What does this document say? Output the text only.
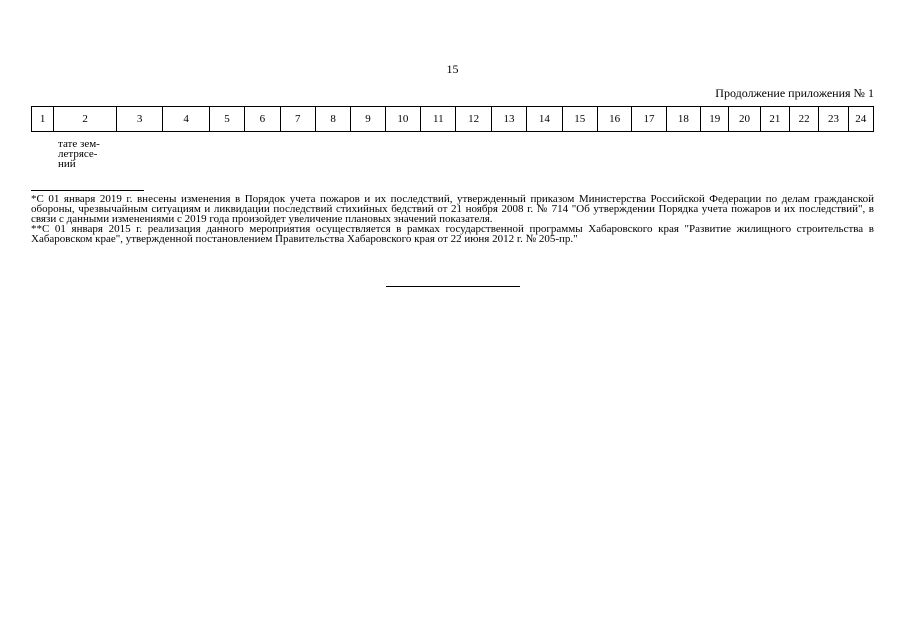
15
Продолжение приложения № 1
1	2	3	4	5	6	7	8	9	10	11	12	13	14	15	16	17	18	19	20	21	22	23	24
тате зем-
летрясе-
ний

*С 01 января 2019 г. внесены изменения в Порядок учета пожаров и их последствий, утвержденный приказом Министерства Российской Федерации по делам гражданской обороны, чрезвычайным ситуациям и ликвидации последствий стихийных бедствий от 21 ноября 2008 г. № 714 "Об утверждении Порядка учета пожаров и их последствий", в связи с данными изменениями с 2019 года произойдет увеличение плановых значений показателя.

**С 01 января 2015 г. реализация данного мероприятия осуществляется в рамках государственной программы Хабаровского края "Развитие жилищного строительства в Хабаровском крае", утвержденной постановлением Правительства Хабаровского края от 22 июня 2012 г. № 205-пр."
